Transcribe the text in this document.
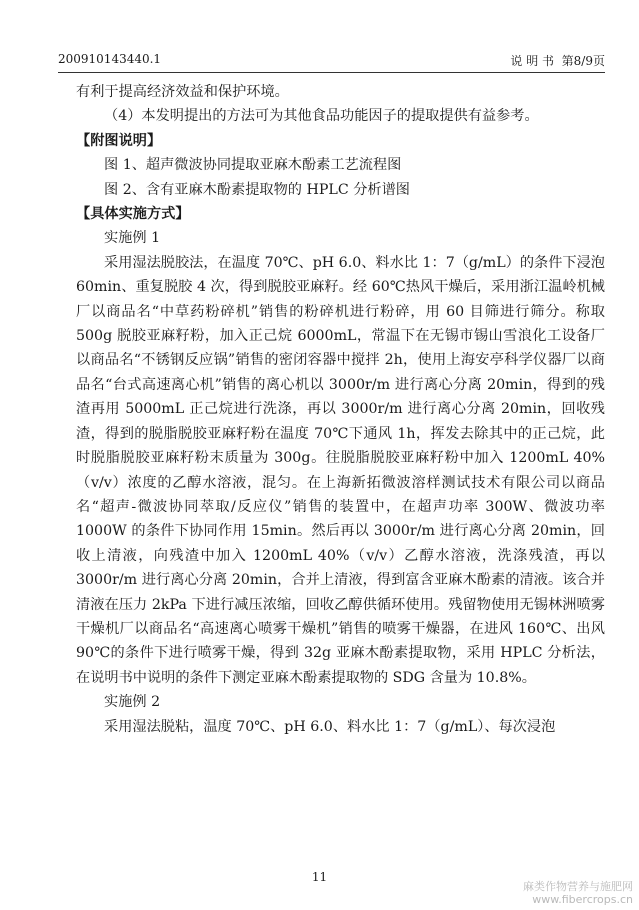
200910143440.1	说 明 书 第8/9页

有利于提高经济效益和保护环境。

（4）本发明提出的方法可为其他食品功能因子的提取提供有益参考。

【附图说明】

图 1、超声微波协同提取亚麻木酚素工艺流程图

图 2、含有亚麻木酚素提取物的 HPLC 分析谱图

【具体实施方式】

实施例 1

采用湿法脱胶法，在温度 70℃、pH 6.0、料水比 1：7（g/mL）的条件下浸泡 60min、重复脱胶 4 次，得到脱胶亚麻籽。经 60℃热风干燥后，采用浙江温岭机械厂以商品名“中草药粉碎机”销售的粉碎机进行粉碎，用 60 目筛进行筛分。称取 500g 脱胶亚麻籽粉，加入正己烷 6000mL，常温下在无锡市锡山雪浪化工设备厂以商品名“不锈钢反应锅”销售的密闭容器中搅拌 2h，使用上海安亭科学仪器厂以商品名“台式高速离心机”销售的离心机以 3000r/m 进行离心分离 20min，得到的残渣再用 5000mL 正己烷进行洗涤，再以 3000r/m 进行离心分离 20min，回收残渣，得到的脱脂脱胶亚麻籽粉在温度 70℃下通风 1h，挥发去除其中的正己烷，此时脱脂脱胶亚麻籽粉末质量为 300g。往脱脂脱胶亚麻籽粉中加入 1200mL 40%（v/v）浓度的乙醇水溶液，混匀。在上海新拓微波溶样测试技术有限公司以商品名“超声-微波协同萃取/反应仪”销售的装置中，在超声功率 300W、微波功率 1000W 的条件下协同作用 15min。然后再以 3000r/m 进行离心分离 20min，回收上清液，向残渣中加入 1200mL 40%（v/v）乙醇水溶液，洗涤残渣，再以 3000r/m 进行离心分离 20min，合并上清液，得到富含亚麻木酚素的清液。该合并清液在压力 2kPa 下进行减压浓缩，回收乙醇供循环使用。残留物使用无锡林洲喷雾干燥机厂以商品名“高速离心喷雾干燥机”销售的喷雾干燥器，在进风 160℃、出风 90℃的条件下进行喷雾干燥，得到 32g 亚麻木酚素提取物，采用 HPLC 分析法，在说明书中说明的条件下测定亚麻木酚素提取物的 SDG 含量为 10.8%。

实施例 2

采用湿法脱粘，温度 70℃、pH 6.0、料水比 1：7（g/mL）、每次浸泡

11
麻类作物营养与施肥网
www.fibercrops.cn
